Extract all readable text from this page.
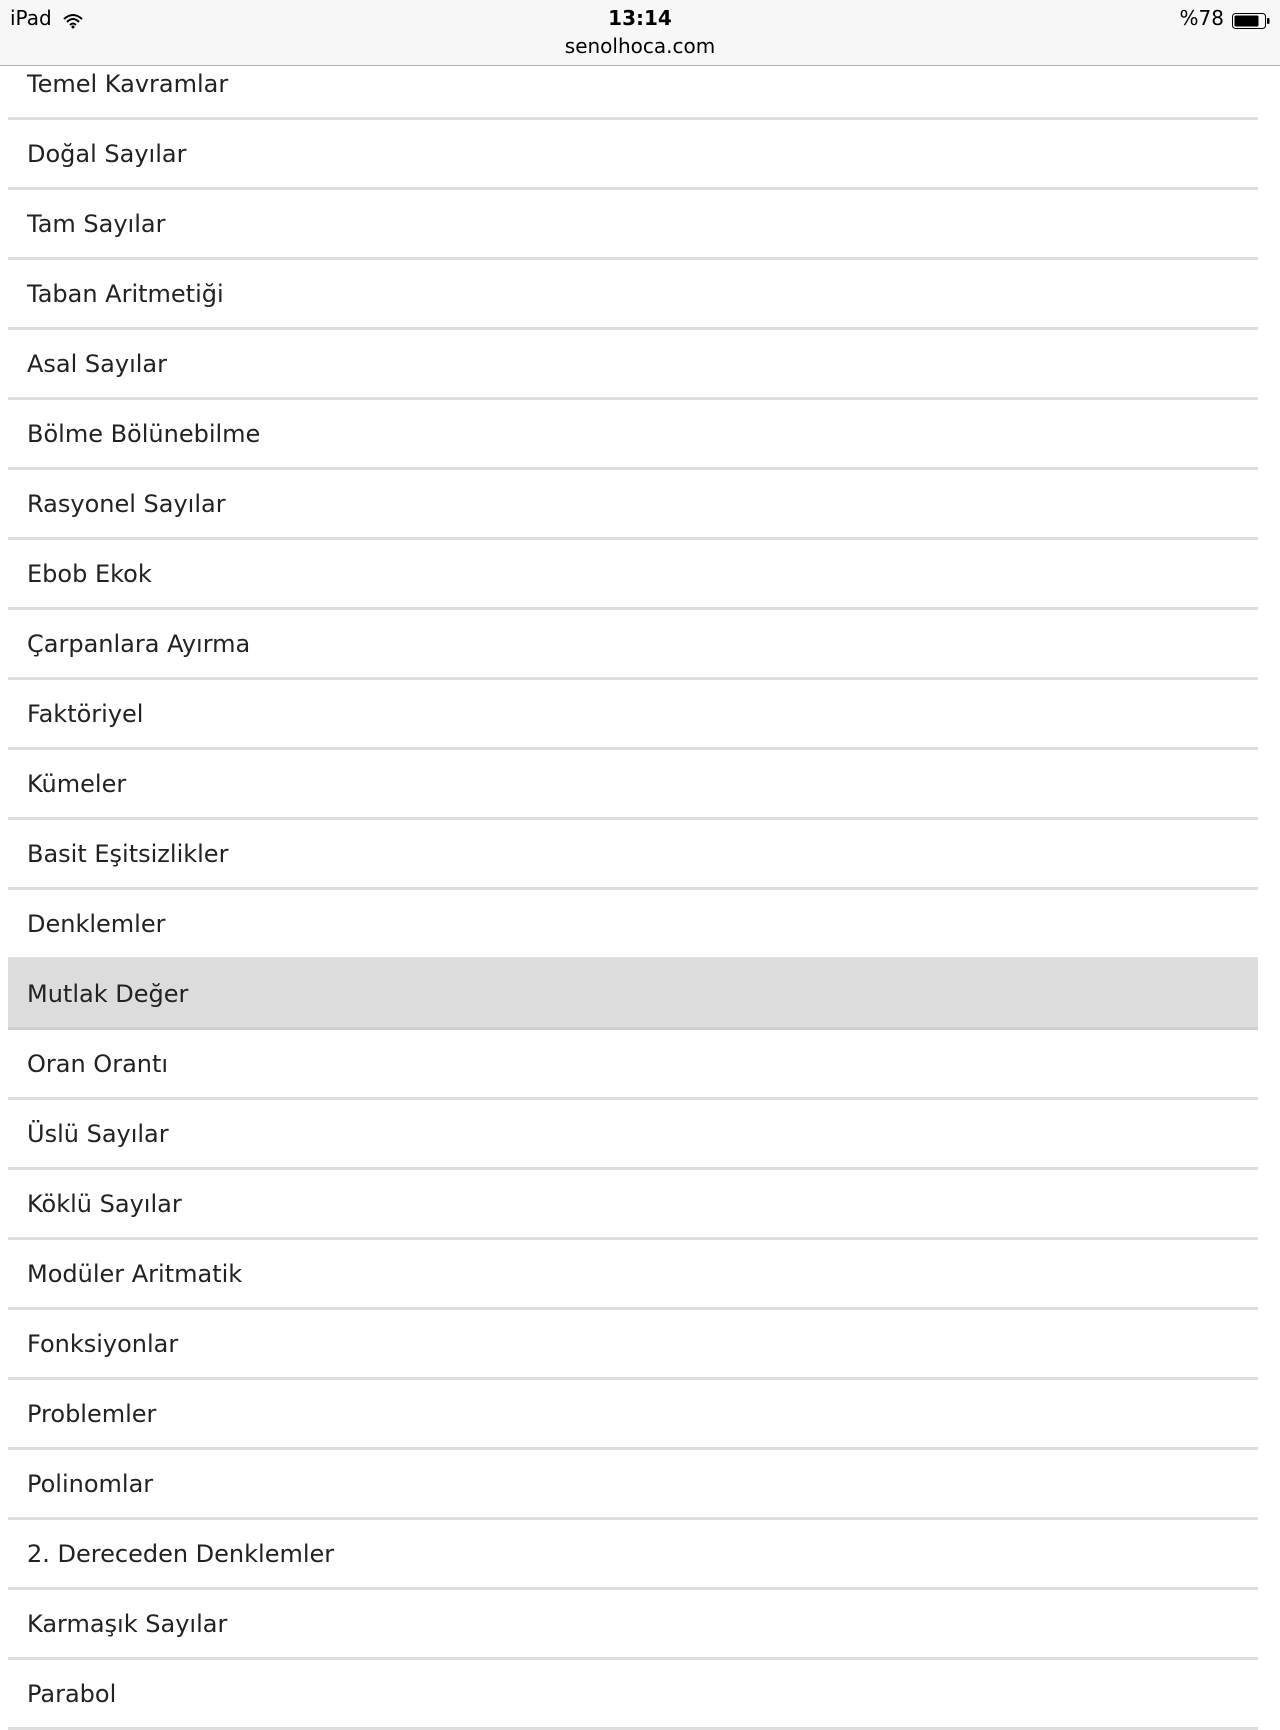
Temel Kavramlar
Doğal Sayılar
Tam Sayılar
Taban Aritmetiği
Asal Sayılar
Bölme Bölünebilme
Rasyonel Sayılar
Ebob Ekok
Çarpanlara Ayırma
Faktöriyel
Kümeler
Basit Eşitsizlikler
Denklemler
Mutlak Değer
Oran Orantı
Üslü Sayılar
Köklü Sayılar
Modüler Aritmatik
Fonksiyonlar
Problemler
Polinomlar
2. Dereceden Denklemler
Karmaşık Sayılar
Parabol
iPad	13:14
senolhoca.com
%78
